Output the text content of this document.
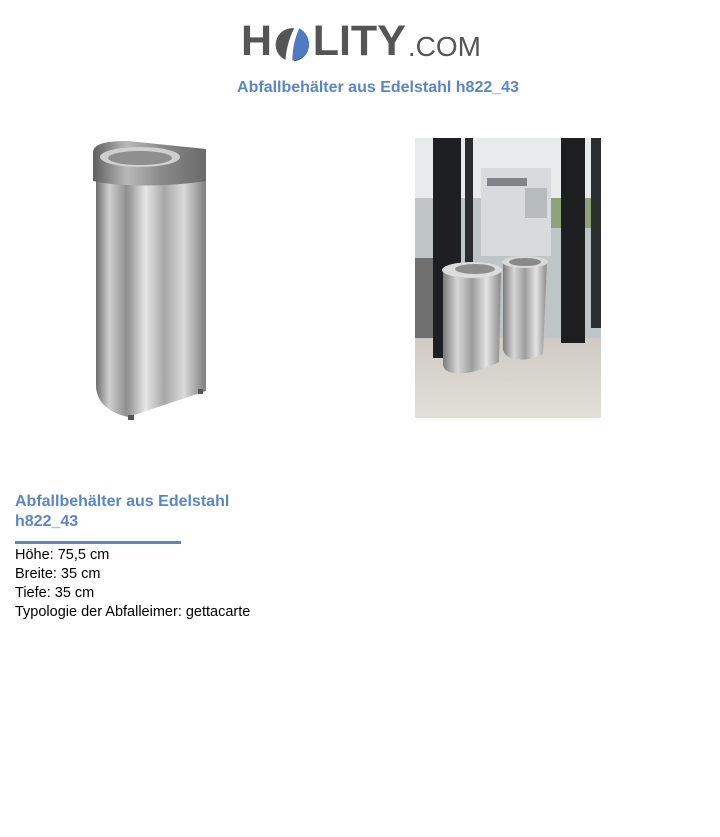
H LITY .COM
Abfallbehälter aus Edelstahl h822_43
Abfallbehälter aus Edelstahl
h822_43
Höhe: 75,5 cm
Breite: 35 cm
Tiefe: 35 cm
Typologie der Abfalleimer: gettacarte
